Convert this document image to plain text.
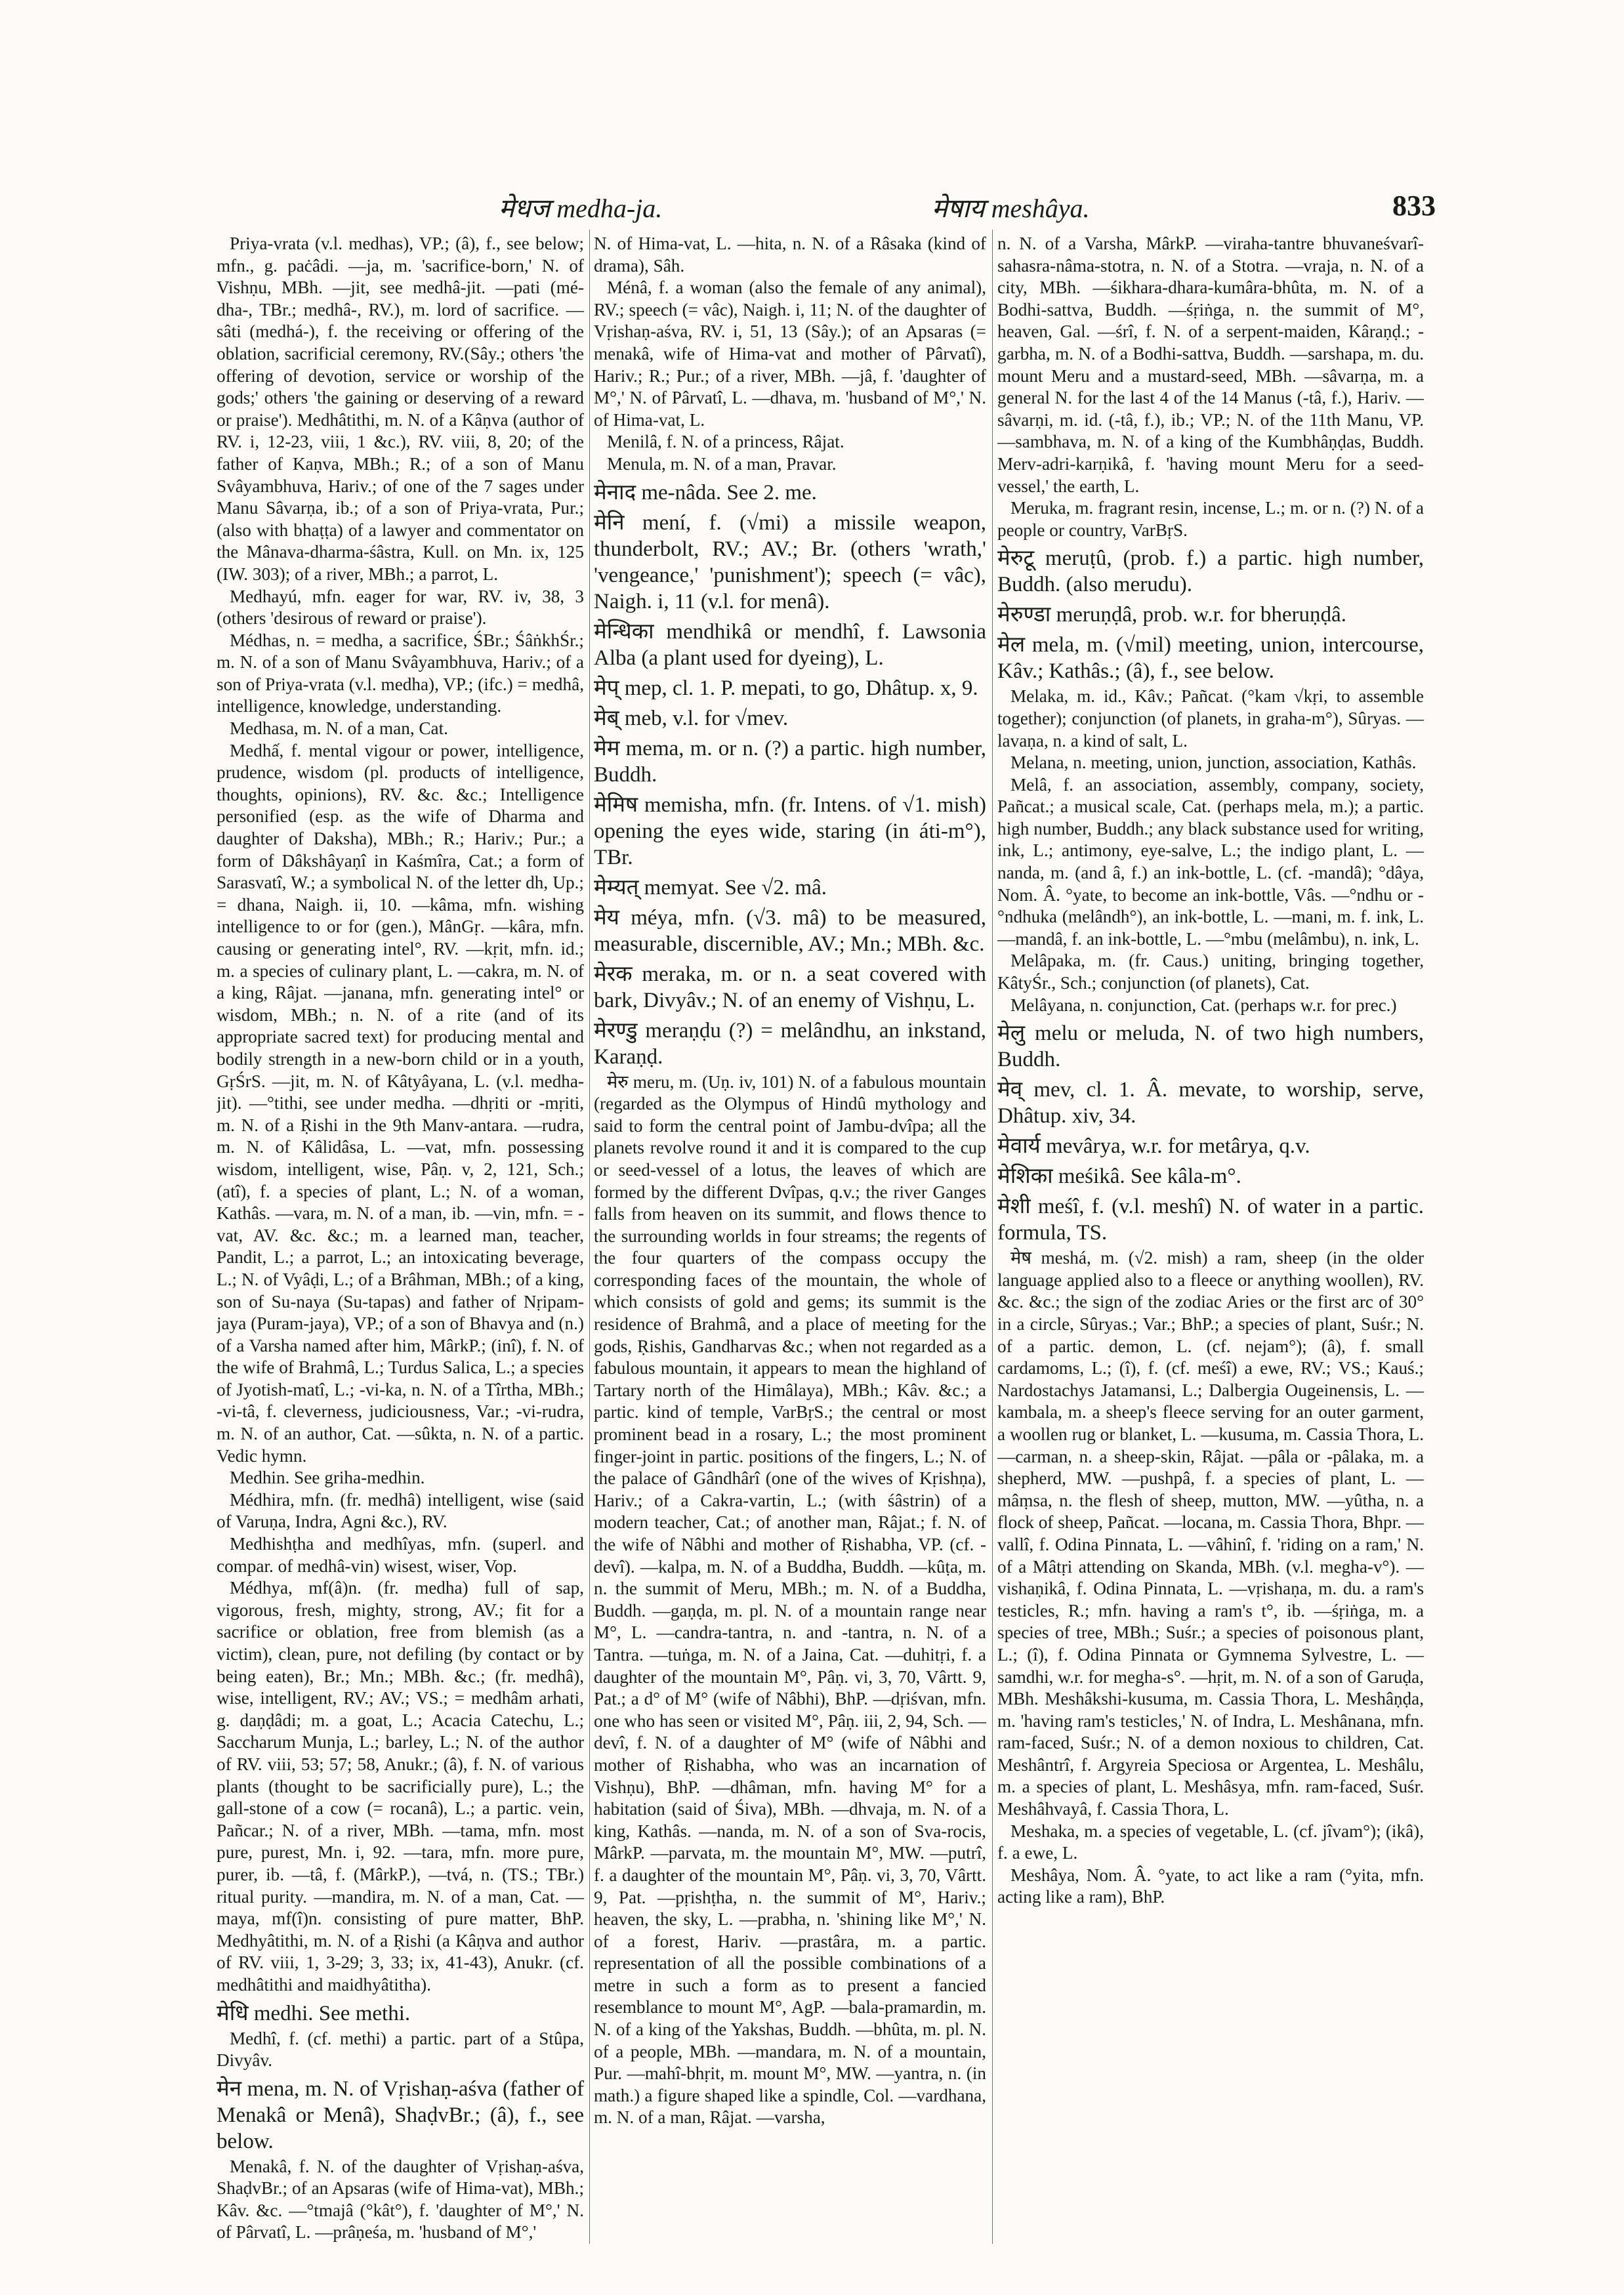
मेधज medha-ja.	मेषाय meshâya.	833

Priya-vrata (v.l. medhas), VP.; (â), f., see below; mfn., g. paċâdi. —ja, m. 'sacrifice-born,' N. of Vishṇu, MBh. —jit, see medhâ-jit. —pati (mé-dha-, TBr.; medhâ-, RV.), m. lord of sacrifice. —sâti (medhá-), f. the receiving or offering of the oblation, sacrificial ceremony, RV.(Sây.; others 'the offering of devotion, service or worship of the gods;' others 'the gaining or deserving of a reward or praise'). Medhâtithi, m. N. of a Kâṇva (author of RV. i, 12-23, viii, 1 &c.), RV. viii, 8, 20; of the father of Kaṇva, MBh.; R.; of a son of Manu Svâyambhuva, Hariv.; of one of the 7 sages under Manu Sâvarṇa, ib.; of a son of Priya-vrata, Pur.; (also with bhaṭṭa) of a lawyer and commentator on the Mânava-dharma-śâstra, Kull. on Mn. ix, 125 (IW. 303); of a river, MBh.; a parrot, L.

Medhayú, mfn. eager for war, RV. iv, 38, 3 (others 'desirous of reward or praise').

Médhas, n. = medha, a sacrifice, ŚBr.; ŚâṅkhŚr.; m. N. of a son of Manu Svâyambhuva, Hariv.; of a son of Priya-vrata (v.l. medha), VP.; (ifc.) = medhâ, intelligence, knowledge, understanding.

Medhasa, m. N. of a man, Cat.

Medhấ, f. mental vigour or power, intelligence, prudence, wisdom (pl. products of intelligence, thoughts, opinions), RV. &c. &c.; Intelligence personified (esp. as the wife of Dharma and daughter of Daksha), MBh.; R.; Hariv.; Pur.; a form of Dâkshâyaṇî in Kaśmîra, Cat.; a form of Sarasvatî, W.; a symbolical N. of the letter dh, Up.; = dhana, Naigh. ii, 10. —kâma, mfn. wishing intelligence to or for (gen.), MânGṛ. —kâra, mfn. causing or generating intel°, RV. —kṛit, mfn. id.; m. a species of culinary plant, L. —cakra, m. N. of a king, Râjat. —janana, mfn. generating intel° or wisdom, MBh.; n. N. of a rite (and of its appropriate sacred text) for producing mental and bodily strength in a new-born child or in a youth, GṛŚrS. —jit, m. N. of Kâtyâyana, L. (v.l. medha-jit). —°tithi, see under medha. —dhṛiti or -mṛiti, m. N. of a Ṛishi in the 9th Manv-antara. —rudra, m. N. of Kâlidâsa, L. —vat, mfn. possessing wisdom, intelligent, wise, Pâṇ. v, 2, 121, Sch.; (atî), f. a species of plant, L.; N. of a woman, Kathâs. —vara, m. N. of a man, ib. —vin, mfn. = -vat, AV. &c. &c.; m. a learned man, teacher, Pandit, L.; a parrot, L.; an intoxicating beverage, L.; N. of Vyâḍi, L.; of a Brâhman, MBh.; of a king, son of Su-naya (Su-tapas) and father of Nṛipam-jaya (Puram-jaya), VP.; of a son of Bhavya and (n.) of a Varsha named after him, MârkP.; (inî), f. N. of the wife of Brahmâ, L.; Turdus Salica, L.; a species of Jyotish-matî, L.; -vi-ka, n. N. of a Tîrtha, MBh.; -vi-tâ, f. cleverness, judiciousness, Var.; -vi-rudra, m. N. of an author, Cat. —sûkta, n. N. of a partic. Vedic hymn.

Medhin. See griha-medhin.

Médhira, mfn. (fr. medhâ) intelligent, wise (said of Varuṇa, Indra, Agni &c.), RV.

Medhishṭha and medhîyas, mfn. (superl. and compar. of medhâ-vin) wisest, wiser, Vop.

Médhya, mf(â)n. (fr. medha) full of sap, vigorous, fresh, mighty, strong, AV.; fit for a sacrifice or oblation, free from blemish (as a victim), clean, pure, not defiling (by contact or by being eaten), Br.; Mn.; MBh. &c.; (fr. medhâ), wise, intelligent, RV.; AV.; VS.; = medhâm arhati, g. daṇḍâdi; m. a goat, L.; Acacia Catechu, L.; Saccharum Munja, L.; barley, L.; N. of the author of RV. viii, 53; 57; 58, Anukr.; (â), f. N. of various plants (thought to be sacrificially pure), L.; the gall-stone of a cow (= rocanâ), L.; a partic. vein, Pañcar.; N. of a river, MBh. —tama, mfn. most pure, purest, Mn. i, 92. —tara, mfn. more pure, purer, ib. —tâ, f. (MârkP.), —tvá, n. (TS.; TBr.) ritual purity. —mandira, m. N. of a man, Cat. —maya, mf(î)n. consisting of pure matter, BhP. Medhyâtithi, m. N. of a Ṛishi (a Kâṇva and author of RV. viii, 1, 3-29; 3, 33; ix, 41-43), Anukr. (cf. medhâtithi and maidhyâtitha).

मेधि medhi. See methi.

Medhî, f. (cf. methi) a partic. part of a Stûpa, Divyâv.

मेन mena, m. N. of Vṛishaṇ-aśva (father of Menakâ or Menâ), ShaḍvBr.; (â), f., see below.

Menakâ, f. N. of the daughter of Vṛishaṇ-aśva, ShaḍvBr.; of an Apsaras (wife of Hima-vat), MBh.; Kâv. &c. —°tmajâ (°kât°), f. 'daughter of M°,' N. of Pârvatî, L. —prâṇeśa, m. 'husband of M°,'

N. of Hima-vat, L. —hita, n. N. of a Râsaka (kind of drama), Sâh.

Ménâ, f. a woman (also the female of any animal), RV.; speech (= vâc), Naigh. i, 11; N. of the daughter of Vṛishaṇ-aśva, RV. i, 51, 13 (Sây.); of an Apsaras (= menakâ, wife of Hima-vat and mother of Pârvatî), Hariv.; R.; Pur.; of a river, MBh. —jâ, f. 'daughter of M°,' N. of Pârvatî, L. —dhava, m. 'husband of M°,' N. of Hima-vat, L.

Menilâ, f. N. of a princess, Râjat.

Menula, m. N. of a man, Pravar.

मेनाद me-nâda. See 2. me.

मेनि mení, f. (√mi) a missile weapon, thunderbolt, RV.; AV.; Br. (others 'wrath,' 'vengeance,' 'punishment'); speech (= vâc), Naigh. i, 11 (v.l. for menâ).

मेन्धिका mendhikâ or mendhî, f. Lawsonia Alba (a plant used for dyeing), L.

मेप् mep, cl. 1. P. mepati, to go, Dhâtup. x, 9.

मेब् meb, v.l. for √mev.

मेम mema, m. or n. (?) a partic. high number, Buddh.

मेमिष memisha, mfn. (fr. Intens. of √1. mish) opening the eyes wide, staring (in áti-m°), TBr.

मेम्यत् memyat. See √2. mâ.

मेय méya, mfn. (√3. mâ) to be measured, measurable, discernible, AV.; Mn.; MBh. &c.

मेरक meraka, m. or n. a seat covered with bark, Divyâv.; N. of an enemy of Vishṇu, L.

मेरण्डु meraṇḍu (?) = melândhu, an inkstand, Karaṇḍ.

मेरु meru, m. (Uṇ. iv, 101) N. of a fabulous mountain (regarded as the Olympus of Hindû mythology and said to form the central point of Jambu-dvîpa; all the planets revolve round it and it is compared to the cup or seed-vessel of a lotus, the leaves of which are formed by the different Dvîpas, q.v.; the river Ganges falls from heaven on its summit, and flows thence to the surrounding worlds in four streams; the regents of the four quarters of the compass occupy the corresponding faces of the mountain, the whole of which consists of gold and gems; its summit is the residence of Brahmâ, and a place of meeting for the gods, Ṛishis, Gandharvas &c.; when not regarded as a fabulous mountain, it appears to mean the highland of Tartary north of the Himâlaya), MBh.; Kâv. &c.; a partic. kind of temple, VarBṛS.; the central or most prominent bead in a rosary, L.; the most prominent finger-joint in partic. positions of the fingers, L.; N. of the palace of Gândhârî (one of the wives of Kṛishṇa), Hariv.; of a Cakra-vartin, L.; (with śâstrin) of a modern teacher, Cat.; of another man, Râjat.; f. N. of the wife of Nâbhi and mother of Ṛishabha, VP. (cf. -devî). —kalpa, m. N. of a Buddha, Buddh. —kûṭa, m. n. the summit of Meru, MBh.; m. N. of a Buddha, Buddh. —gaṇḍa, m. pl. N. of a mountain range near M°, L. —candra-tantra, n. and -tantra, n. N. of a Tantra. —tuṅga, m. N. of a Jaina, Cat. —duhitṛi, f. a daughter of the mountain M°, Pâṇ. vi, 3, 70, Vârtt. 9, Pat.; a d° of M° (wife of Nâbhi), BhP. —dṛiśvan, mfn. one who has seen or visited M°, Pâṇ. iii, 2, 94, Sch. —devî, f. N. of a daughter of M° (wife of Nâbhi and mother of Ṛishabha, who was an incarnation of Vishṇu), BhP. —dhâman, mfn. having M° for a habitation (said of Śiva), MBh. —dhvaja, m. N. of a king, Kathâs. —nanda, m. N. of a son of Sva-rocis, MârkP. —parvata, m. the mountain M°, MW. —putrî, f. a daughter of the mountain M°, Pâṇ. vi, 3, 70, Vârtt. 9, Pat. —pṛishṭha, n. the summit of M°, Hariv.; heaven, the sky, L. —prabha, n. 'shining like M°,' N. of a forest, Hariv. —prastâra, m. a partic. representation of all the possible combinations of a metre in such a form as to present a fancied resemblance to mount M°, AgP. —bala-pramardin, m. N. of a king of the Yakshas, Buddh. —bhûta, m. pl. N. of a people, MBh. —mandara, m. N. of a mountain, Pur. —mahî-bhṛit, m. mount M°, MW. —yantra, n. (in math.) a figure shaped like a spindle, Col. —vardhana, m. N. of a man, Râjat. —varsha,

n. N. of a Varsha, MârkP. —viraha-tantre bhuvaneśvarî-sahasra-nâma-stotra, n. N. of a Stotra. —vraja, n. N. of a city, MBh. —śikhara-dhara-kumâra-bhûta, m. N. of a Bodhi-sattva, Buddh. —śṛiṅga, n. the summit of M°, heaven, Gal. —śrî, f. N. of a serpent-maiden, Kâraṇḍ.; -garbha, m. N. of a Bodhi-sattva, Buddh. —sarshapa, m. du. mount Meru and a mustard-seed, MBh. —sâvarṇa, m. a general N. for the last 4 of the 14 Manus (-tâ, f.), Hariv. —sâvarṇi, m. id. (-tâ, f.), ib.; VP.; N. of the 11th Manu, VP. —sambhava, m. N. of a king of the Kumbhâṇḍas, Buddh. Merv-adri-karṇikâ, f. 'having mount Meru for a seed-vessel,' the earth, L.

Meruka, m. fragrant resin, incense, L.; m. or n. (?) N. of a people or country, VarBṛS.

मेरुटू meruṭû, (prob. f.) a partic. high number, Buddh. (also merudu).

मेरुण्डा meruṇḍâ, prob. w.r. for bheruṇḍâ.

मेल mela, m. (√mil) meeting, union, intercourse, Kâv.; Kathâs.; (â), f., see below.

Melaka, m. id., Kâv.; Pañcat. (°kam √kṛi, to assemble together); conjunction (of planets, in graha-m°), Sûryas. —lavaṇa, n. a kind of salt, L.

Melana, n. meeting, union, junction, association, Kathâs.

Melâ, f. an association, assembly, company, society, Pañcat.; a musical scale, Cat. (perhaps mela, m.); a partic. high number, Buddh.; any black substance used for writing, ink, L.; antimony, eye-salve, L.; the indigo plant, L. —nanda, m. (and â, f.) an ink-bottle, L. (cf. -mandâ); °dâya, Nom. Â. °yate, to become an ink-bottle, Vâs. —°ndhu or -°ndhuka (melândh°), an ink-bottle, L. —mani, m. f. ink, L. —mandâ, f. an ink-bottle, L. —°mbu (melâmbu), n. ink, L.

Melâpaka, m. (fr. Caus.) uniting, bringing together, KâtyŚr., Sch.; conjunction (of planets), Cat.

Melâyana, n. conjunction, Cat. (perhaps w.r. for prec.)

मेलु melu or meluda, N. of two high numbers, Buddh.

मेव् mev, cl. 1. Â. mevate, to worship, serve, Dhâtup. xiv, 34.

मेवार्य mevârya, w.r. for metârya, q.v.

मेशिका meśikâ. See kâla-m°.

मेशी meśî, f. (v.l. meshî) N. of water in a partic. formula, TS.

मेष meshá, m. (√2. mish) a ram, sheep (in the older language applied also to a fleece or anything woollen), RV. &c. &c.; the sign of the zodiac Aries or the first arc of 30° in a circle, Sûryas.; Var.; BhP.; a species of plant, Suśr.; N. of a partic. demon, L. (cf. nejam°); (â), f. small cardamoms, L.; (î), f. (cf. meśî) a ewe, RV.; VS.; Kauś.; Nardostachys Jatamansi, L.; Dalbergia Ougeinensis, L. —kambala, m. a sheep's fleece serving for an outer garment, a woollen rug or blanket, L. —kusuma, m. Cassia Thora, L. —carman, n. a sheep-skin, Râjat. —pâla or -pâlaka, m. a shepherd, MW. —pushpâ, f. a species of plant, L. —mâṃsa, n. the flesh of sheep, mutton, MW. —yûtha, n. a flock of sheep, Pañcat. —locana, m. Cassia Thora, Bhpr. —vallî, f. Odina Pinnata, L. —vâhinî, f. 'riding on a ram,' N. of a Mâtṛi attending on Skanda, MBh. (v.l. megha-v°). —vishaṇikâ, f. Odina Pinnata, L. —vṛishaṇa, m. du. a ram's testicles, R.; mfn. having a ram's t°, ib. —śṛiṅga, m. a species of tree, MBh.; Suśr.; a species of poisonous plant, L.; (î), f. Odina Pinnata or Gymnema Sylvestre, L. —samdhi, w.r. for megha-s°. —hṛit, m. N. of a son of Garuḍa, MBh. Meshâkshi-kusuma, m. Cassia Thora, L. Meshâṇḍa, m. 'having ram's testicles,' N. of Indra, L. Meshânana, mfn. ram-faced, Suśr.; N. of a demon noxious to children, Cat. Meshântrî, f. Argyreia Speciosa or Argentea, L. Meshâlu, m. a species of plant, L. Meshâsya, mfn. ram-faced, Suśr. Meshâhvayâ, f. Cassia Thora, L.

Meshaka, m. a species of vegetable, L. (cf. jîvam°); (ikâ), f. a ewe, L.

Meshâya, Nom. Â. °yate, to act like a ram (°yita, mfn. acting like a ram), BhP.
